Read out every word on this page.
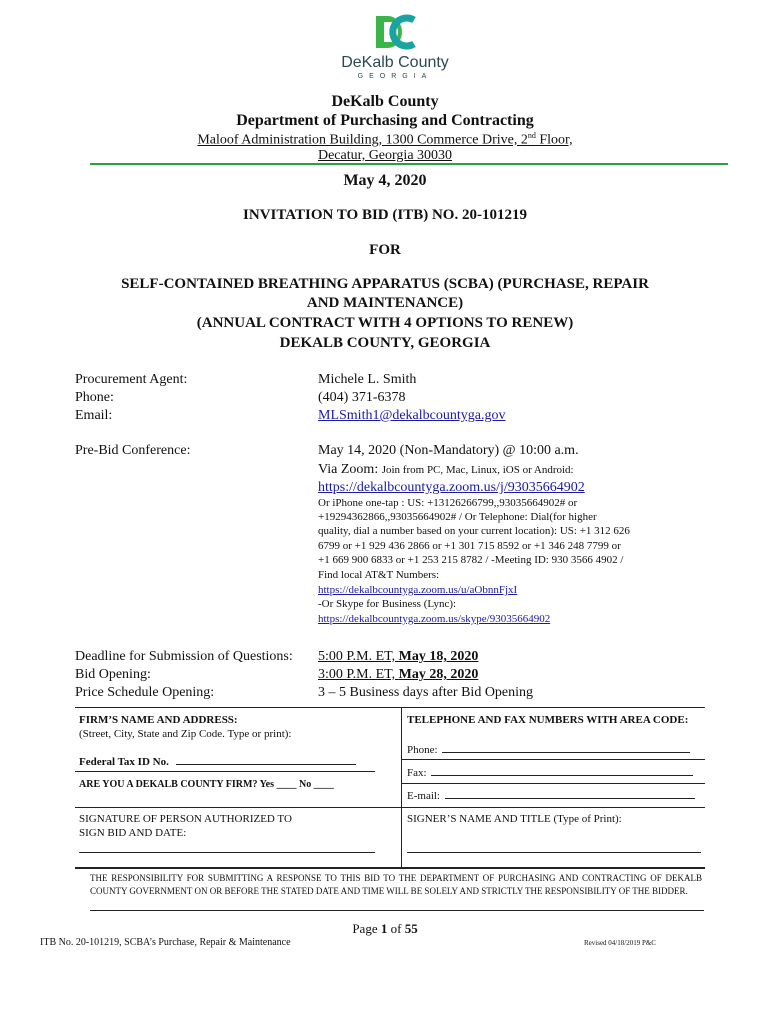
DeKalb County
GEORGIA
DeKalb County
Department of Purchasing and Contracting
Maloof Administration Building, 1300 Commerce Drive, 2nd Floor,
Decatur, Georgia 30030
May 4, 2020
INVITATION TO BID (ITB) NO. 20-101219
FOR
SELF-CONTAINED BREATHING APPARATUS (SCBA) (PURCHASE, REPAIR
AND MAINTENANCE)
(ANNUAL CONTRACT WITH 4 OPTIONS TO RENEW)
DEKALB COUNTY, GEORGIA
Procurement Agent:	Michele L. Smith
Phone:	(404) 371-6378
Email:	MLSmith1@dekalbcountyga.gov
Pre-Bid Conference:	May 14, 2020 (Non-Mandatory) @ 10:00 a.m.
Via Zoom: Join from PC, Mac, Linux, iOS or Android:
https://dekalbcountyga.zoom.us/j/93035664902
Or iPhone one-tap : US: +13126266799,,93035664902# or
+19294362866,,93035664902# / Or Telephone: Dial(for higher
quality, dial a number based on your current location): US: +1 312 626
6799 or +1 929 436 2866 or +1 301 715 8592 or +1 346 248 7799 or
+1 669 900 6833 or +1 253 215 8782 / -Meeting ID: 930 3566 4902 /
Find local AT&T Numbers:
https://dekalbcountyga.zoom.us/u/aObnnFjxI
-Or Skype for Business (Lync):
https://dekalbcountyga.zoom.us/skype/93035664902
Deadline for Submission of Questions: 5:00 P.M. ET, May 18, 2020
Bid Opening:	3:00 P.M. ET, May 28, 2020
Price Schedule Opening:	3 – 5 Business days after Bid Opening
FIRM’S NAME AND ADDRESS:
(Street, City, State and Zip Code. Type or print):
Federal Tax ID No.
ARE YOU A DEKALB COUNTY FIRM? Yes ____ No ____
TELEPHONE AND FAX NUMBERS WITH AREA CODE:
Phone:
Fax:
E-mail:
SIGNATURE OF PERSON AUTHORIZED TO SIGN BID AND DATE:
SIGNER’S NAME AND TITLE (Type of Print):
THE RESPONSIBILITY FOR SUBMITTING A RESPONSE TO THIS BID TO THE DEPARTMENT OF PURCHASING AND CONTRACTING OF DEKALB COUNTY GOVERNMENT ON OR BEFORE THE STATED DATE AND TIME WILL BE SOLELY AND STRICTLY THE RESPONSIBILITY OF THE BIDDER.
Page 1 of 55
ITB No. 20-101219, SCBA’s Purchase, Repair & Maintenance	Revised 04/18/2019 P&C
